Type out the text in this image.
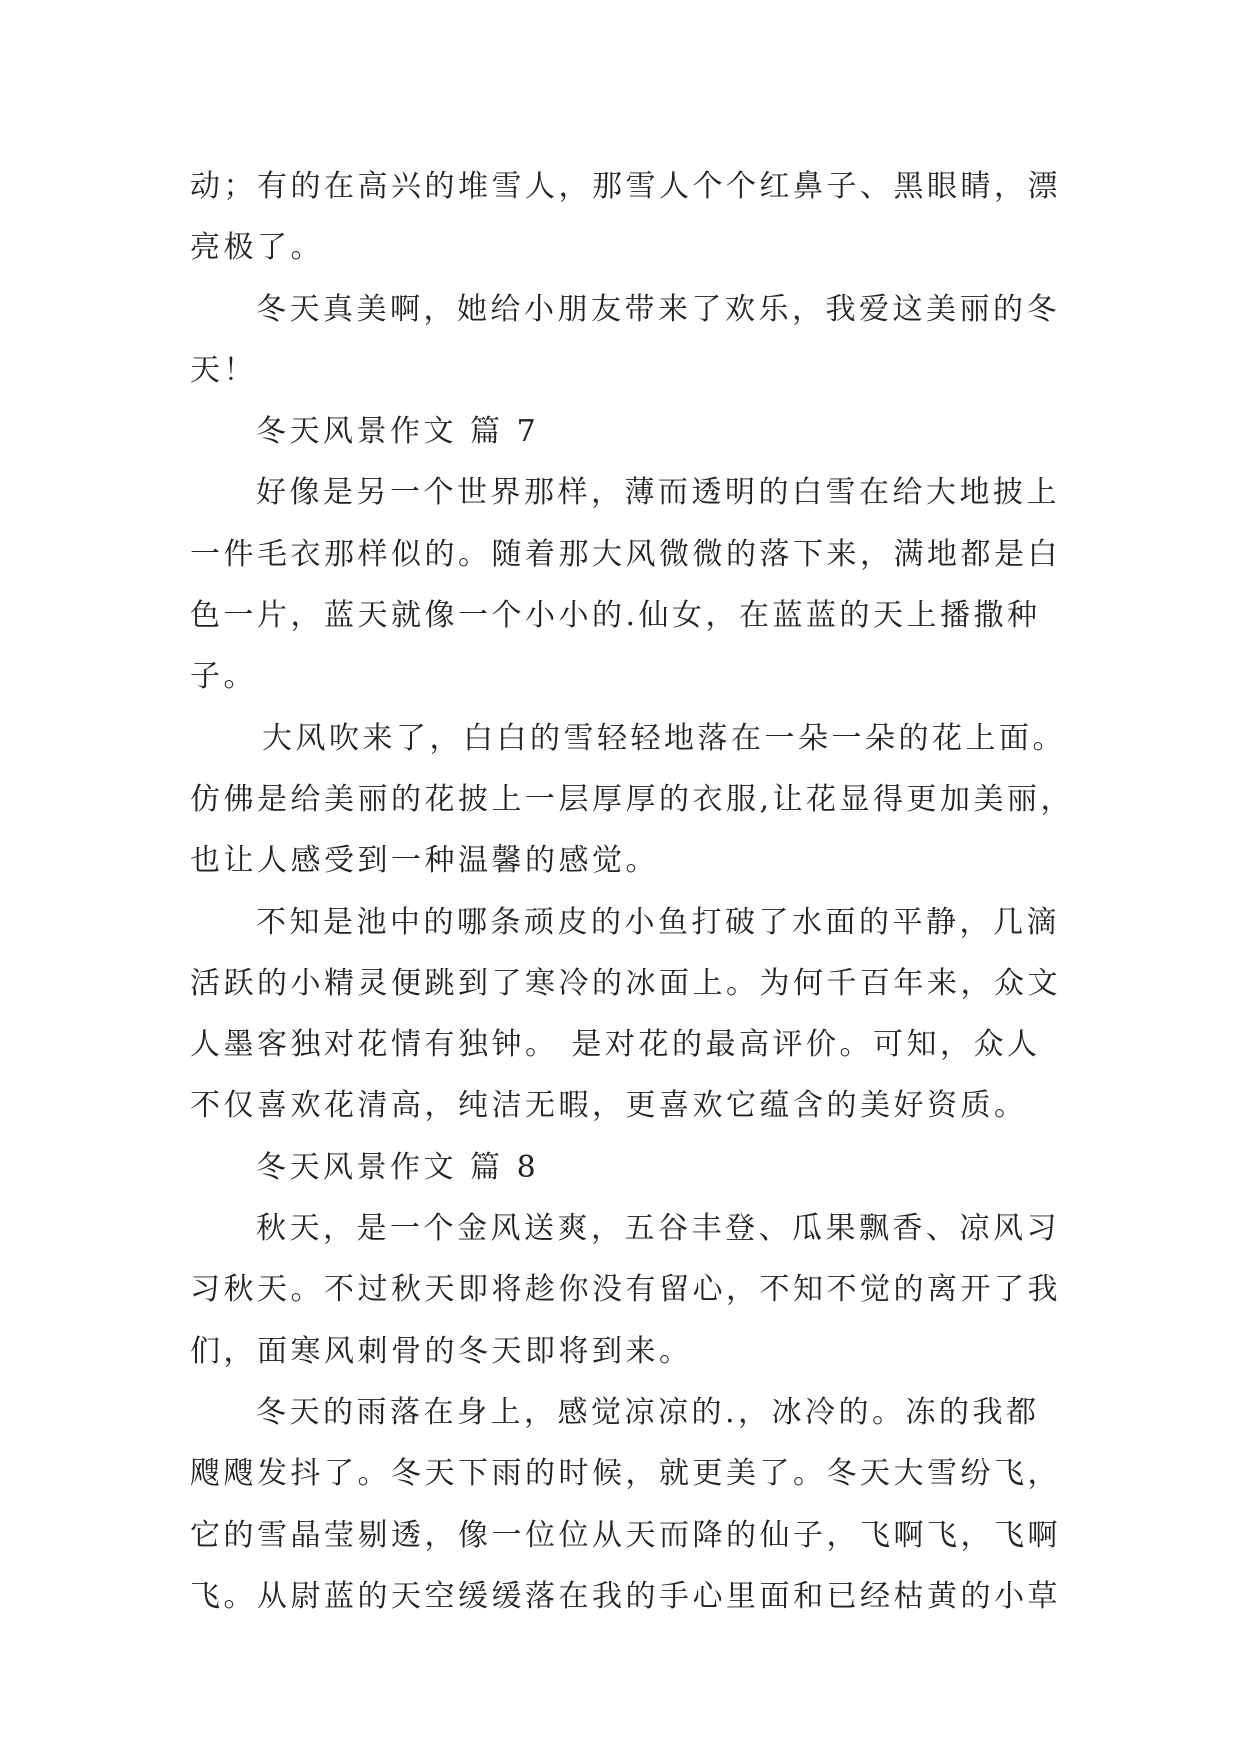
动；有的在高兴的堆雪人，那雪人个个红鼻子、黑眼睛，漂
亮极了。
冬天真美啊，她给小朋友带来了欢乐，我爱这美丽的冬
天！
冬天风景作文 篇 7
好像是另一个世界那样，薄而透明的白雪在给大地披上
一件毛衣那样似的。随着那大风微微的落下来，满地都是白
色一片，蓝天就像一个小小的.仙女，在蓝蓝的天上播撒种
子。
大风吹来了，白白的雪轻轻地落在一朵一朵的花上面。
仿佛是给美丽的花披上一层厚厚的衣服,让花显得更加美丽，
也让人感受到一种温馨的感觉。
不知是池中的哪条顽皮的小鱼打破了水面的平静，几滴
活跃的小精灵便跳到了寒冷的冰面上。为何千百年来，众文
人墨客独对花情有独钟。 是对花的最高评价。可知，众人
不仅喜欢花清高，纯洁无暇，更喜欢它蕴含的美好资质。
冬天风景作文 篇 8
秋天，是一个金风送爽，五谷丰登、瓜果飘香、凉风习
习秋天。不过秋天即将趁你没有留心，不知不觉的离开了我
们，面寒风刺骨的冬天即将到来。
冬天的雨落在身上，感觉凉凉的.，冰冷的。冻的我都
飕飕发抖了。冬天下雨的时候，就更美了。冬天大雪纷飞，
它的雪晶莹剔透，像一位位从天而降的仙子，飞啊飞，飞啊
飞。从尉蓝的天空缓缓落在我的手心里面和已经枯黄的小草
